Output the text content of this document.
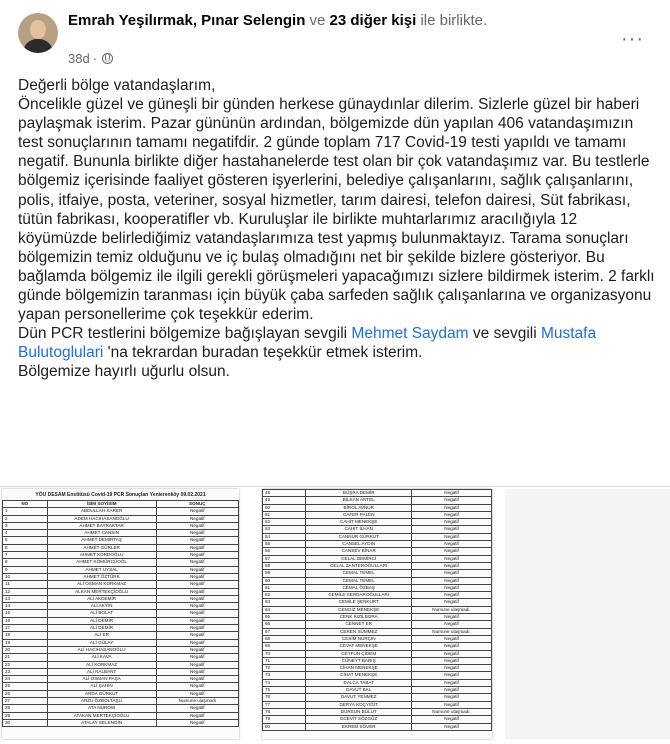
Emrah Yeşilırmak, Pınar Selengin ve 23 diğer kişi ile birlikte.
38d ·
···

Değerli bölge vatandaşlarım,

Öncelikle güzel ve güneşli bir günden herkese günaydınlar dilerim. Sizlerle güzel bir haberi paylaşmak isterim. Pazar gününün ardından, bölgemizde dün yapılan 406 vatandaşımızın test sonuçlarının tamamı negatifdir. 2 günde toplam 717 Covid-19 testi yapıldı ve tamamı negatif. Bununla birlikte diğer hastahanelerde test olan bir çok vatandaşımız var. Bu testlerle bölgemiz içerisinde faaliyet gösteren işyerlerini, belediye çalışanlarını, sağlık çalışanlarını, polis, itfaiye, posta, veteriner, sosyal hizmetler, tarım dairesi, telefon dairesi, Süt fabrikası, tütün fabrikası, kooperatifler vb. Kuruluşlar ile birlikte muhtarlarımız aracılığıyla 12 köyümüzde belirlediğimiz vatandaşlarımıza test yapmış bulunmaktayız. Tarama sonuçları bölgemizin temiz olduğunu ve iç bulaş olmadığını net bir şekilde bizlere gösteriyor. Bu bağlamda bölgemiz ile ilgili gerekli görüşmeleri yapacağımızı sizlere bildirmek isterim. 2 farklı günde bölgemizin taranması için büyük çaba sarfeden sağlık çalışanlarına ve organizasyonu yapan personellerime çok teşekkür ederim.

Dün PCR testlerini bölgemize bağışlayan sevgili Mehmet Saydam ve sevgili Mustafa Bulutoglulari 'na tekrardan buradan teşekkür etmek isterim.

Bölgemize hayırlı uğurlu olsun.

YÖU DESAM Enstitüsü Covid-19 PCR Sonuçları Yenierenköy 09.02.2021
NO	İSİM SOYİSİM	SONUÇ
1	ABDULLAH KARER	Negatif
2	ADEM HACIHASANOĞLU	Negatif
3	AHMET BAYRAKTAR	Negatif
4	AHMET CANSIN	Negatif
5	AHMET DEMİRTAŞ	Negatif
6	AHMET GÜRLER	Negatif
7	AHMET KORDOĞLU	Negatif
8	AHMET KÖMÜRCÜOĞL	Negatif
9	AHMET UYSAL	Negatif
10	AHMET ÖZTÜRK	Negatif
11	ALİ OSMAN KORKMAZ	Negatif
12	ALKAN MERTEKÇİOĞLU	Negatif
13	ALİ AKDEMİR	Negatif
14	ALİ AKYIN	Negatif
15	ALİ BOLAT	Negatif
16	ALİ DEMİR	Negatif
17	ALİ DEMİR	Negatif
18	ALİ ER	Negatif
19	ALİ GÜLAY	Negatif
20	ALİ HACIHASANOĞLU	Negatif
21	ALİ KAVA	Negatif
22	ALİ KORKMAZ	Negatif
23	ALİ NALBANT	Negatif
24	ALİ OSMAN PAŞA	Negatif
25	ALİ ŞAHİN	Negatif
26	ARDA GÜRKUT	Negatif
27	ARZU ÖZBOLTAŞLI	Numune ulaşmadı
28	ATA NUROW	Negatif
29	ATAKAN MERTEKÇİOĞLU	Negatif
30	ATALAY SELENGİN	Negatif
48	BÜŞRA DEMİR	Negatif
49	BİLKAN ANTEL	Negatif
50	BİROL AVNUR	Negatif
51	CAFER PALEN	Negatif
52	CAHİT MENEKŞE	Negatif
53	CAHİT İLHAN	Negatif
54	CANNUR GÜRKUT	Negatif
55	CANSEL AYDIN	Negatif
56	CANSEV BİNAR	Negatif
57	CELAL DEMİRCİ	Negatif
58	CELAL ZANTEROĞULLARI	Negatif
59	CEMAL TEMEL	Negatif
60	CEMAL TEMEL	Negatif
61	CEMAL ÖZBAŞ	Negatif
62	CEMİLE SERDAROĞULLARI	Negatif
63	CEMİLE ŞENKURT	Negatif
64	CENGİZ MENEKŞE	Numune ulaşmadı.
65	CENK KIZILBORA	Negatif
66	CENNET ER	Negatif
67	CEREN SÜMMEZ	Numune ulaşmadı.
68	CESİM NURÇIN	Negatif
69	CEVAT MENEKŞE	Negatif
70	CEYFUN ÇİDEM	Negatif
71	CÜNEYT BARIŞ	Negatif
72	CİHAN MENEKŞE	Negatif
73	CİHAT MENEKŞE	Negatif
74	DALCA TABAT	Negatif
75	DAVUT BAL	Negatif
76	DAVUT YENMEZ	Negatif
77	DERYA KOÇYİĞİT	Negatif
78	DURSUN BULUT	Numune ulaşmadı.
79	ECEVİT SÖZGÜZ	Negatif
80	EKREM SÖVER	Negatif
